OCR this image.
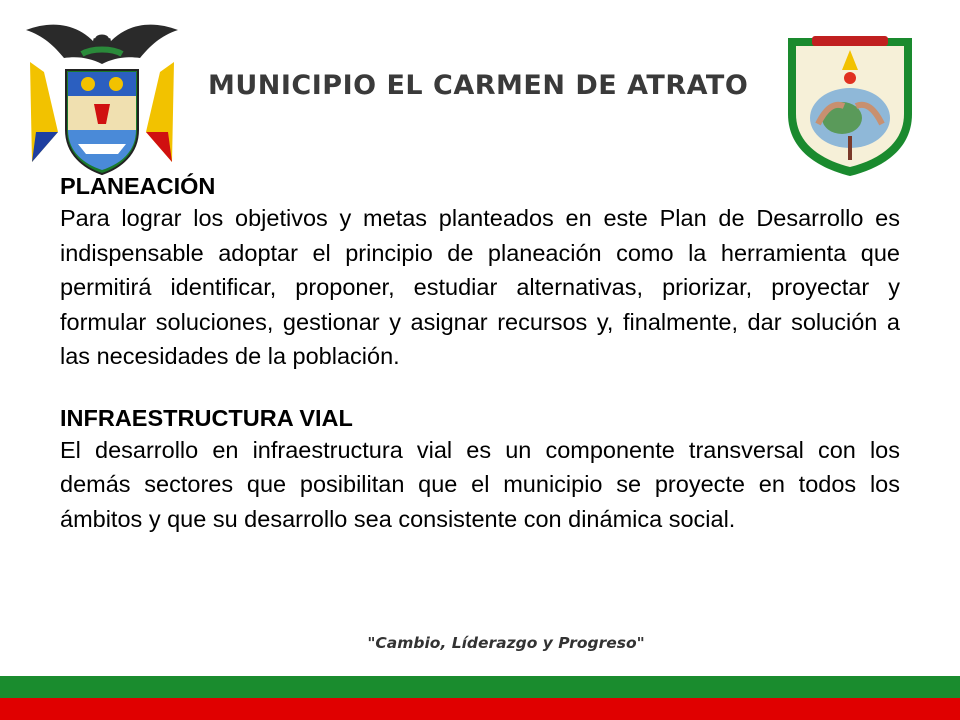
MUNICIPIO EL CARMEN DE ATRATO
PLANEACIÓN

Para lograr los objetivos y metas planteados en este Plan de Desarrollo es indispensable adoptar el principio de planeación como la herramienta que permitirá identificar, proponer, estudiar alternativas, priorizar, proyectar y formular soluciones, gestionar y asignar recursos y, finalmente, dar solución a las necesidades de la población.

INFRAESTRUCTURA VIAL

El desarrollo en infraestructura vial es un componente transversal con los demás sectores que posibilitan que el municipio se proyecte en todos los ámbitos y que su desarrollo sea consistente con dinámica social.

"Cambio, Líderazgo y Progreso"
